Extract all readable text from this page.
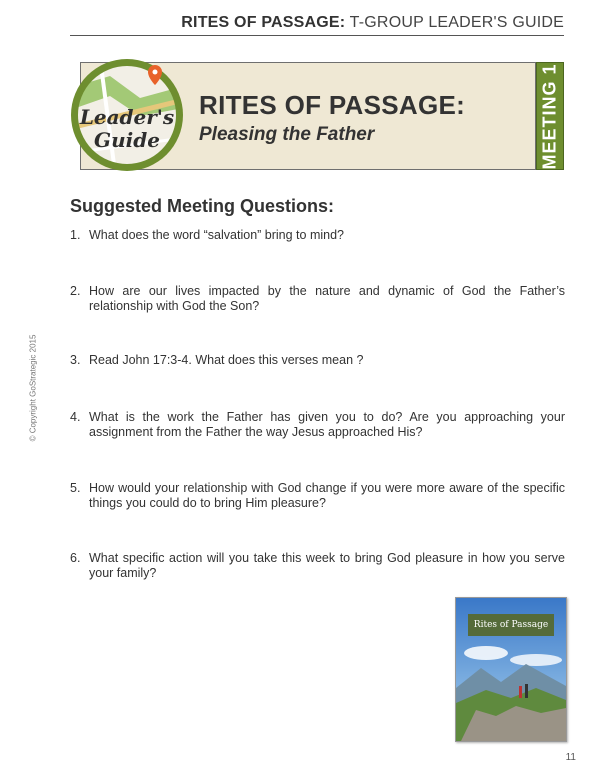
RITES OF PASSAGE: T-GROUP LEADER'S GUIDE
MEETING 1
Leader's
Guide
RITES OF PASSAGE:
Pleasing the Father
Suggested Meeting Questions:
1. What does the word “salvation” bring to mind?
2. How are our lives impacted by the nature and dynamic of God the Father’s relationship with God the Son?
3. Read John 17:3-4. What does this verses mean ?
4. What is the work the Father has given you to do? Are you approaching your assignment from the Father the way Jesus approached His?
5. How would your relationship with God change if you were more aware of the specific things you could do to bring Him pleasure?
6. What specific action will you take this week to bring God pleasure in how you serve your family?
© Copyright GoStrategic 2015
Rites of Passage
11
